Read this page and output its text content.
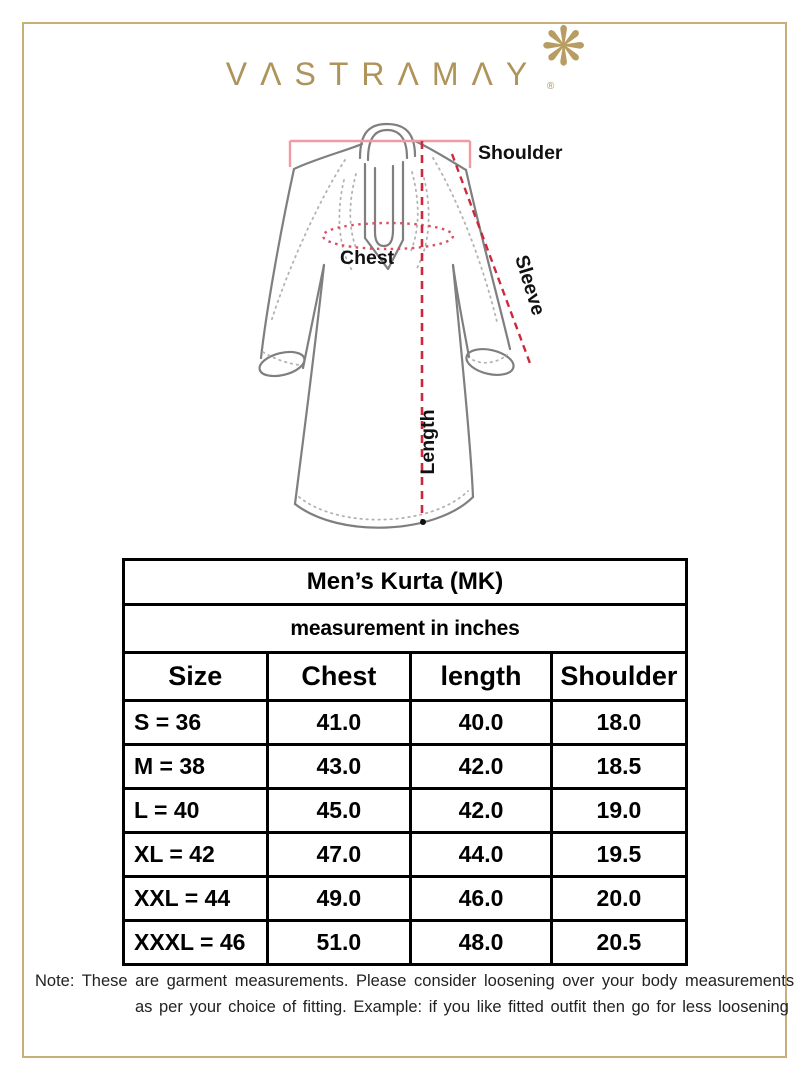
VΛSTRΛMΛY ❋
®
Shoulder
Chest	Sleeve
Length
Men’s Kurta (MK)			
measurement in inches			
Size	Chest	length	Shoulder
S = 36	41.0	40.0	18.0
M = 38	43.0	42.0	18.5
L = 40	45.0	42.0	19.0
XL = 42	47.0	44.0	19.5
XXL = 44	49.0	46.0	20.0
XXXL = 46	51.0	48.0	20.5
Note: These are garment measurements. Please consider loosening over your body measurements
as per your choice of fitting. Example: if you like fitted outfit then go for less loosening
